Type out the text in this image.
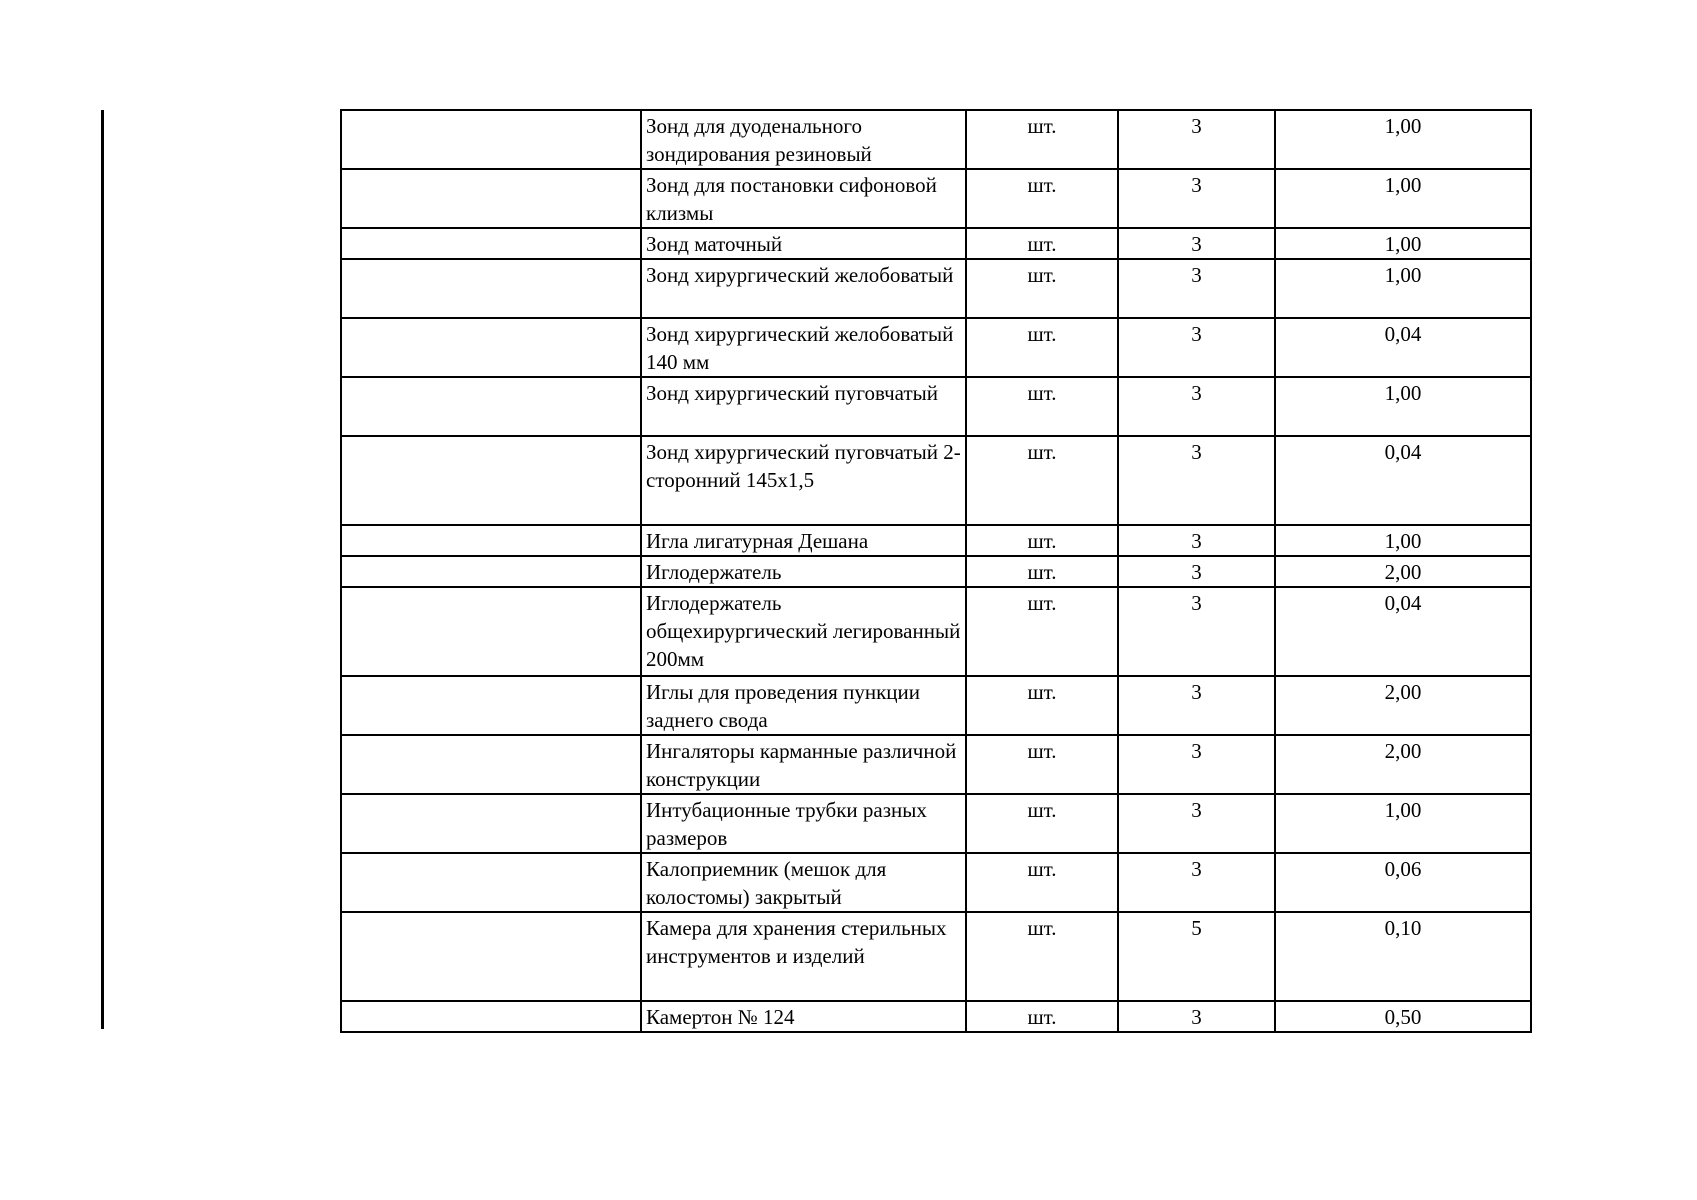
	Зонд для дуоденального зондирования резиновый	шт.	3	1,00
	Зонд для постановки сифоновой клизмы	шт.	3	1,00
	Зонд маточный	шт.	3	1,00
	Зонд хирургический желобоватый	шт.	3	1,00
	Зонд хирургический желобоватый 140 мм	шт.	3	0,04
	Зонд хирургический пуговчатый	шт.	3	1,00
	Зонд хирургический пуговчатый 2-сторонний 145х1,5	шт.	3	0,04
	Игла лигатурная Дешана	шт.	3	1,00
	Иглодержатель	шт.	3	2,00
	Иглодержатель общехирургический легированный 200мм	шт.	3	0,04
	Иглы для проведения пункции заднего свода	шт.	3	2,00
	Ингаляторы карманные различной конструкции	шт.	3	2,00
	Интубационные трубки разных размеров	шт.	3	1,00
	Калоприемник (мешок для колостомы) закрытый	шт.	3	0,06
	Камера для хранения стерильных инструментов и изделий	шт.	5	0,10
	Камертон № 124	шт.	3	0,50
